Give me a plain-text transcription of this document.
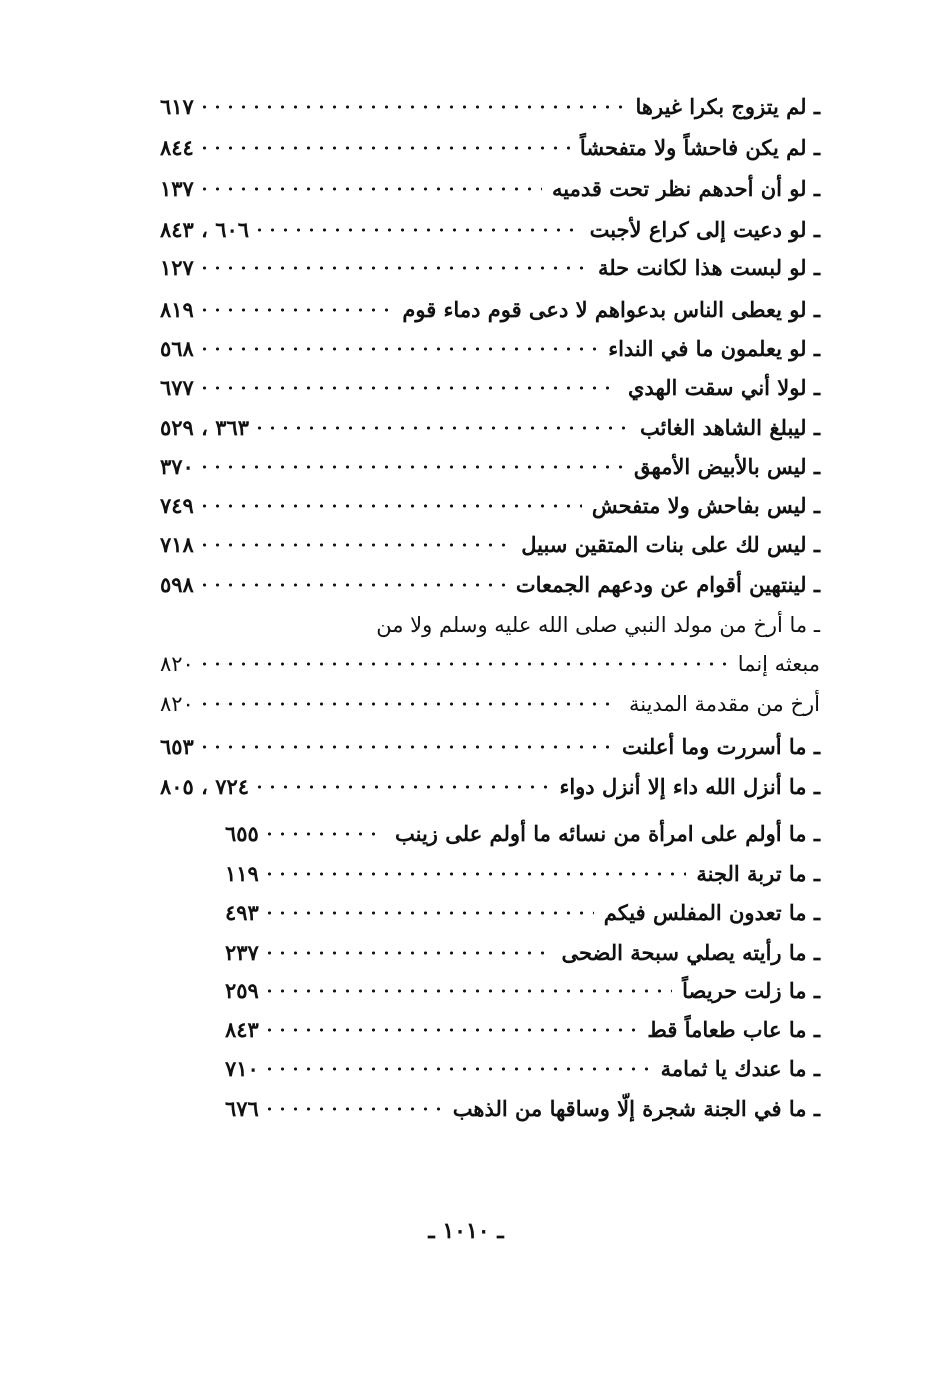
ـ لم يتزوج بكرا غيرها
٦١٧
ـ لم يكن فاحشاً ولا متفحشاً
٨٤٤
ـ لو أن أحدهم نظر تحت قدميه
١٣٧
ـ لو دعيت إلى كراع لأجبت
٦٠٦ ، ٨٤٣
ـ لو لبست هذا لكانت حلة
١٢٧
ـ لو يعطى الناس بدعواهم لا دعى قوم دماء قوم
٨١٩
ـ لو يعلمون ما في النداء
٥٦٨
ـ لولا أني سقت الهدي
٦٧٧
ـ ليبلغ الشاهد الغائب
٣٦٣ ، ٥٢٩
ـ ليس بالأبيض الأمهق
٣٧٠
ـ ليس بفاحش ولا متفحش
٧٤٩
ـ ليس لك على بنات المتقين سبيل
٧١٨
ـ لينتهين أقوام عن ودعهم الجمعات
٥٩٨
ـ ما أرخ من مولد النبي صلى الله عليه وسلم ولا من
مبعثه إنما
٨٢٠
أرخ من مقدمة المدينة
٨٢٠
ـ ما أسررت وما أعلنت
٦٥٣
ـ ما أنزل الله داء إلا أنزل دواء
٧٢٤ ، ٨٠٥
ـ ما أولم على امرأة من نسائه ما أولم على زينب
٦٥٥
ـ ما تربة الجنة
١١٩
ـ ما تعدون المفلس فيكم
٤٩٣
ـ ما رأيته يصلي سبحة الضحى
٢٣٧
ـ ما زلت حريصاً
٢٥٩
ـ ما عاب طعاماً قط
٨٤٣
ـ ما عندك يا ثمامة
٧١٠
ـ ما في الجنة شجرة إلّا وساقها من الذهب
٦٧٦
ـ ١٠١٠ ـ
